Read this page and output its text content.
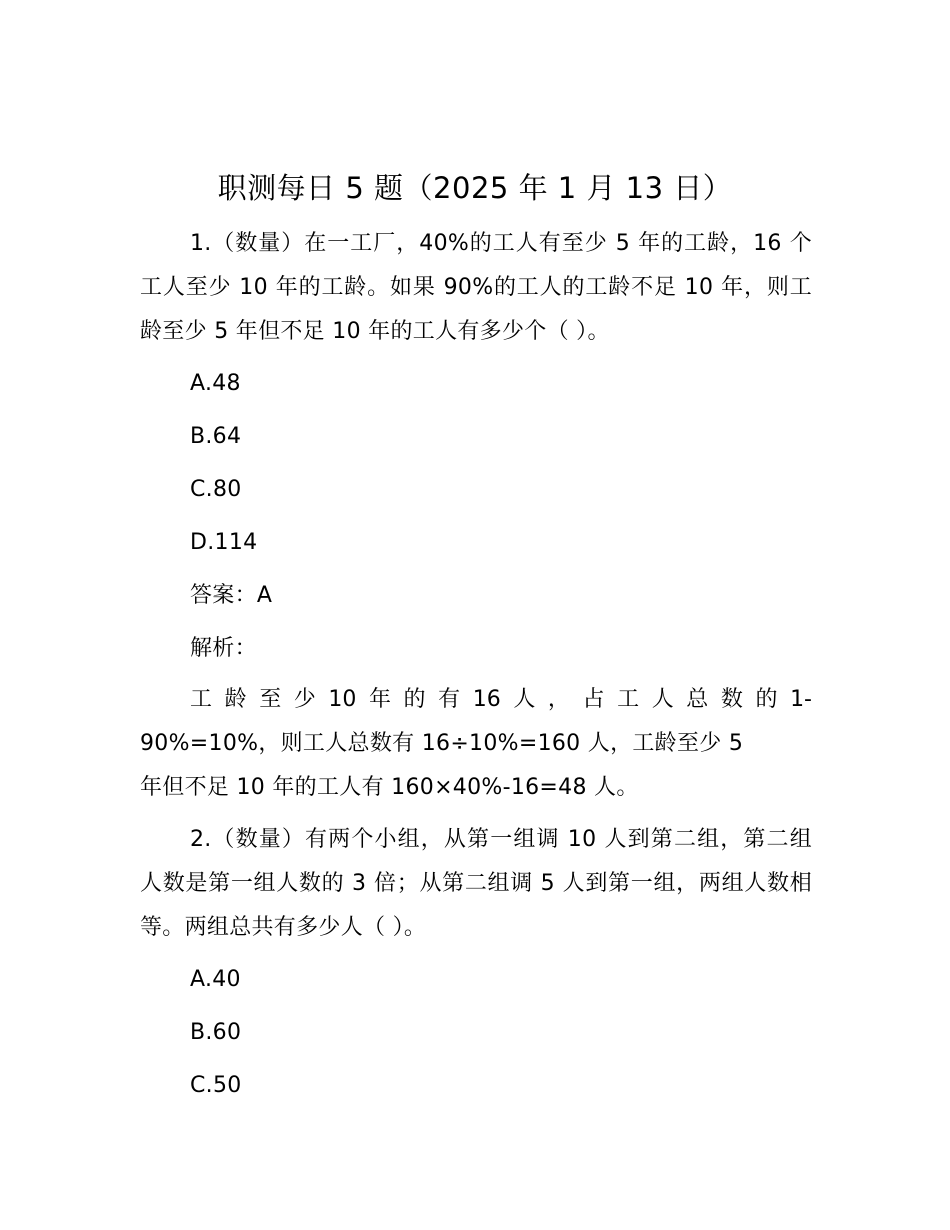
职测每日 5 题（2025 年 1 月 13 日）
1.（数量）在一工厂，40%的工人有至少 5 年的工龄，16 个工人至少 10 年的工龄。如果 90%的工人的工龄不足 10 年，则工龄至少 5 年但不足 10 年的工人有多少个（ ）。
A.48
B.64
C.80
D.114
答案：A
解析：
工 龄 至 少 10 年 的 有 16 人 ， 占 工 人 总 数 的 1-
90%=10%，则工人总数有 16÷10%=160 人，工龄至少 5
年但不足 10 年的工人有 160×40%-16=48 人。
2.（数量）有两个小组，从第一组调 10 人到第二组，第二组人数是第一组人数的 3 倍；从第二组调 5 人到第一组，两组人数相等。两组总共有多少人（ ）。
A.40
B.60
C.50
